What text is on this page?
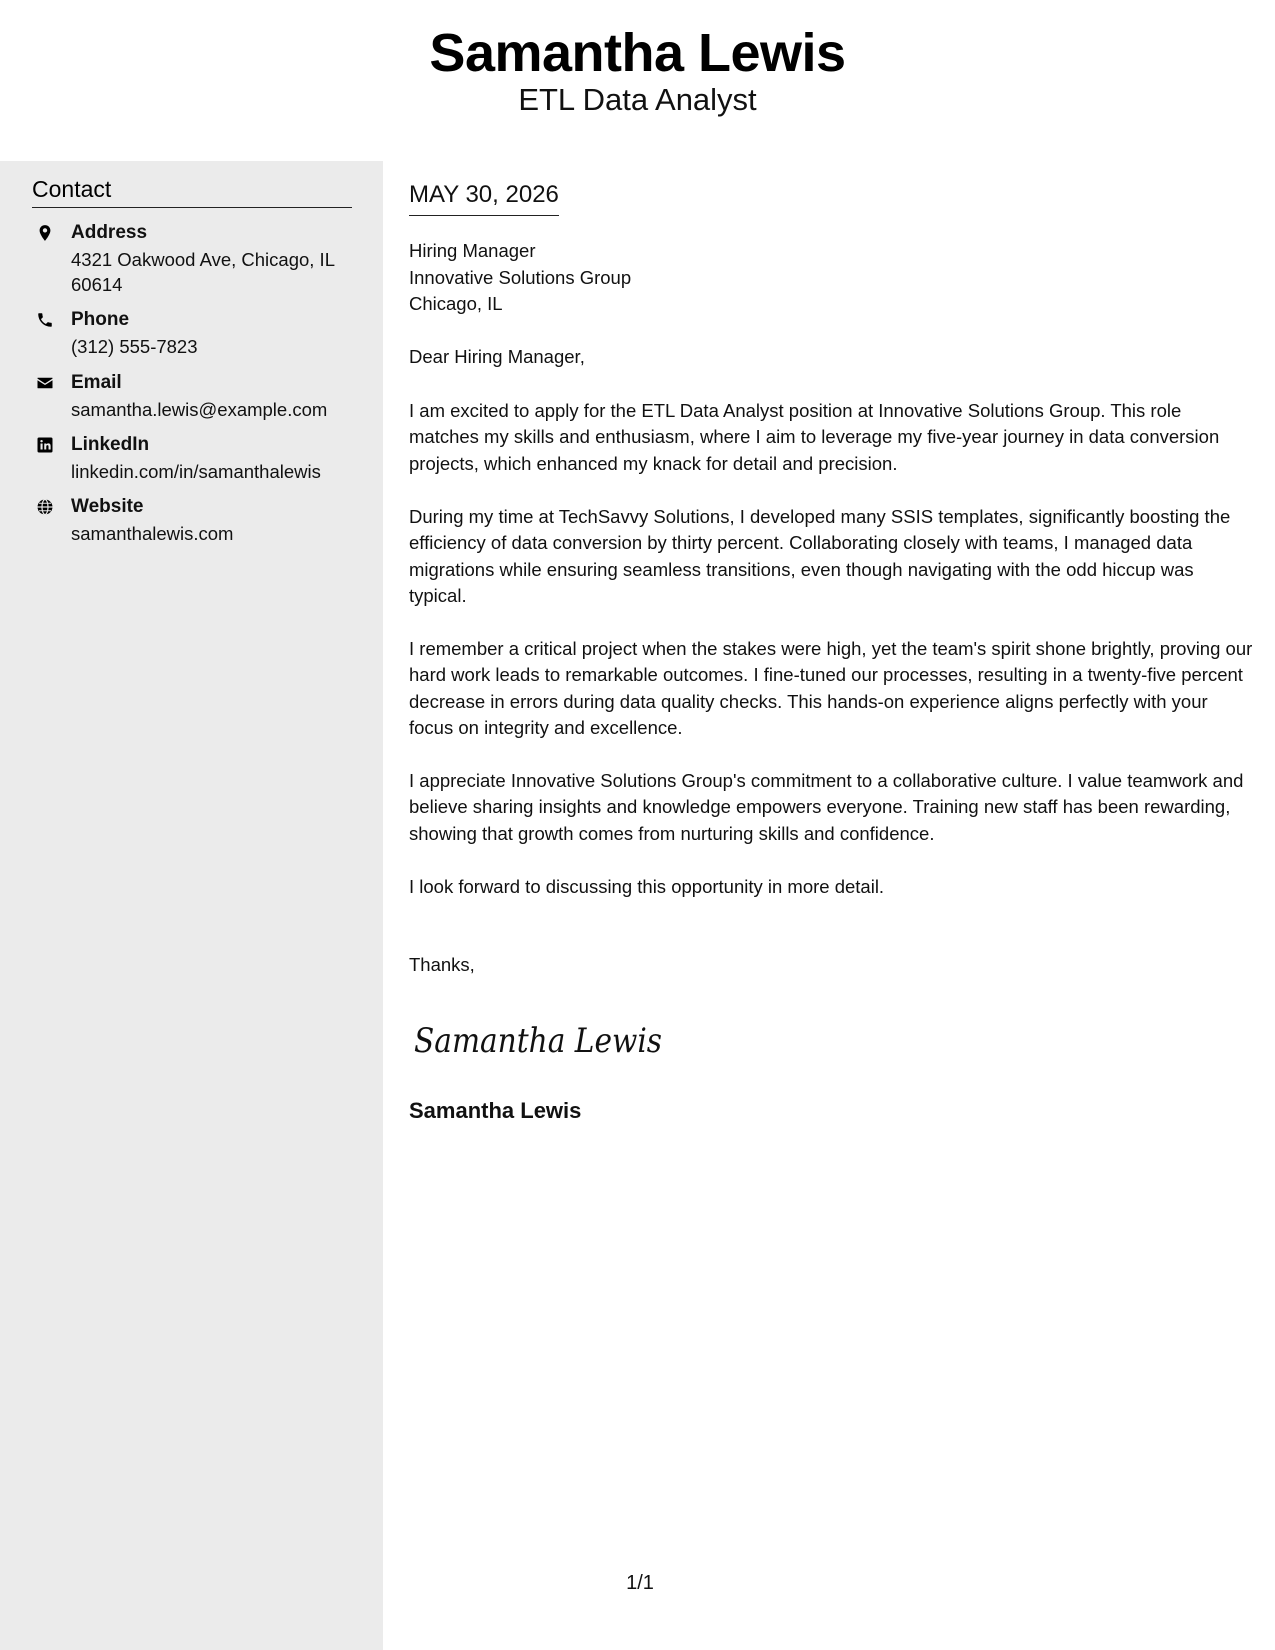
Samantha Lewis
ETL Data Analyst
Contact
Address
4321 Oakwood Ave, Chicago, IL 60614
Phone
(312) 555-7823
Email
samantha.lewis@example.com
LinkedIn
linkedin.com/in/samanthalewis
Website
samanthalewis.com
MAY 30, 2026
Hiring Manager
Innovative Solutions Group
Chicago, IL
Dear Hiring Manager,

I am excited to apply for the ETL Data Analyst position at Innovative Solutions Group. This role matches my skills and enthusiasm, where I aim to leverage my five-year journey in data conversion projects, which enhanced my knack for detail and precision.

During my time at TechSavvy Solutions, I developed many SSIS templates, significantly boosting the efficiency of data conversion by thirty percent. Collaborating closely with teams, I managed data migrations while ensuring seamless transitions, even though navigating with the odd hiccup was typical.

I remember a critical project when the stakes were high, yet the team's spirit shone brightly, proving our hard work leads to remarkable outcomes. I fine-tuned our processes, resulting in a twenty-five percent decrease in errors during data quality checks. This hands-on experience aligns perfectly with your focus on integrity and excellence.

I appreciate Innovative Solutions Group's commitment to a collaborative culture. I value teamwork and believe sharing insights and knowledge empowers everyone. Training new staff has been rewarding, showing that growth comes from nurturing skills and confidence.

I look forward to discussing this opportunity in more detail.

Thanks,
Samantha Lewis
Samantha Lewis
1/1
